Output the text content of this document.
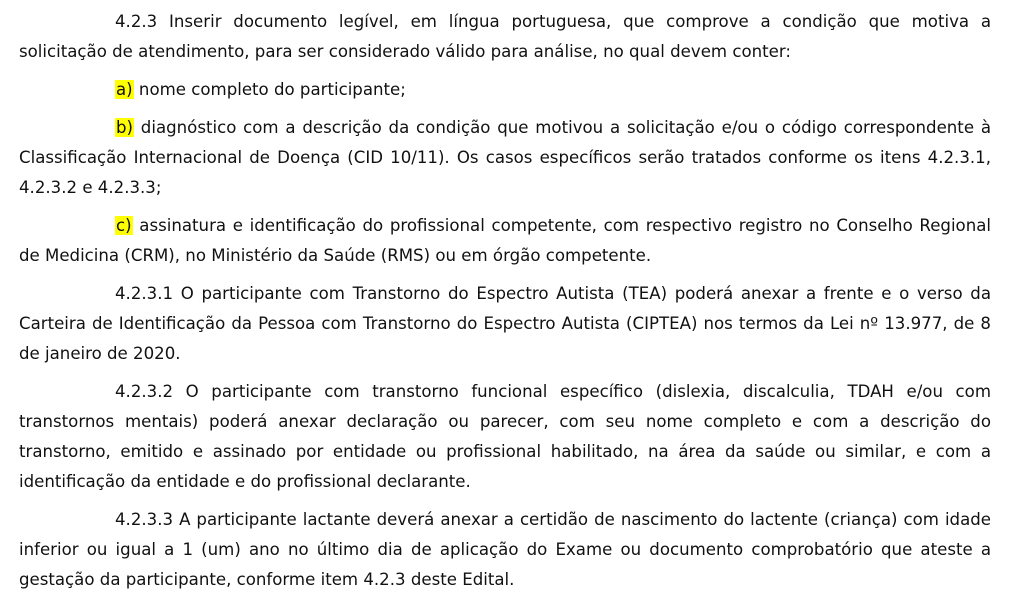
4.2.3 Inserir documento legível, em língua portuguesa, que comprove a condição que motiva a solicitação de atendimento, para ser considerado válido para análise, no qual devem conter:

a) nome completo do participante;

b) diagnóstico com a descrição da condição que motivou a solicitação e/ou o código correspondente à Classificação Internacional de Doença (CID 10/11). Os casos específicos serão tratados conforme os itens 4.2.3.1, 4.2.3.2 e 4.2.3.3;

c) assinatura e identificação do profissional competente, com respectivo registro no Conselho Regional de Medicina (CRM), no Ministério da Saúde (RMS) ou em órgão competente.

4.2.3.1 O participante com Transtorno do Espectro Autista (TEA) poderá anexar a frente e o verso da Carteira de Identificação da Pessoa com Transtorno do Espectro Autista (CIPTEA) nos termos da Lei nº 13.977, de 8 de janeiro de 2020.

4.2.3.2 O participante com transtorno funcional específico (dislexia, discalculia, TDAH e/ou com transtornos mentais) poderá anexar declaração ou parecer, com seu nome completo e com a descrição do transtorno, emitido e assinado por entidade ou profissional habilitado, na área da saúde ou similar, e com a identificação da entidade e do profissional declarante.

4.2.3.3 A participante lactante deverá anexar a certidão de nascimento do lactente (criança) com idade inferior ou igual a 1 (um) ano no último dia de aplicação do Exame ou documento comprobatório que ateste a gestação da participante, conforme item 4.2.3 deste Edital.
